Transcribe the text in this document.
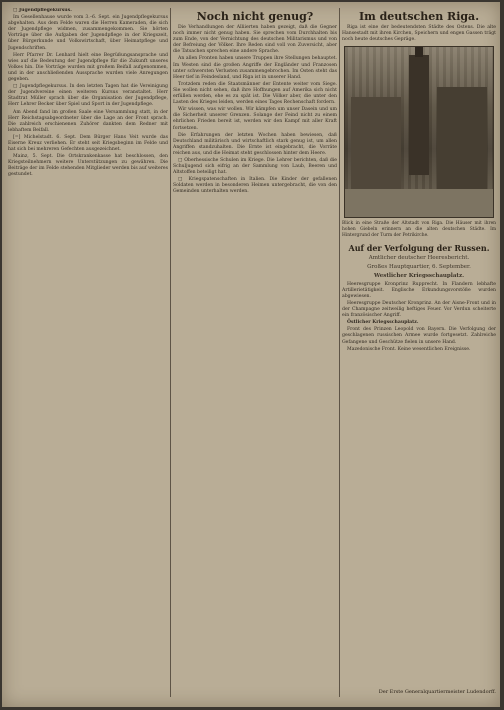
□ Jugendpflegekursus.

Im Gesellenhause wurde vom 3.–6. Sept. ein Jugendpflegekursus abgehalten. Aus dem Felde waren die Herren Kameraden, die sich der Jugendpflege widmen, zusammengekommen. Sie hörten Vorträge über die Aufgaben der Jugendpflege in der Kriegszeit, über Bürgerkunde und Volkswirtschaft, über Heimatpflege und Jugendschriften.

Herr Pfarrer Dr. Lenhard hielt eine Begrüßungsansprache und wies auf die Bedeutung der Jugendpflege für die Zukunft unseres Volkes hin. Die Vorträge wurden mit großem Beifall aufgenommen, und in der anschließenden Aussprache wurden viele Anregungen gegeben.

□ Jugendpflegekursus. In den letzten Tagen hat die Vereinigung der Jugendvereine einen weiteren Kursus veranstaltet. Herr Stadtrat Müller sprach über die Organisation der Jugendpflege, Herr Lehrer Becker über Spiel und Sport in der Jugendpflege.

Am Abend fand im großen Saale eine Versammlung statt, in der Herr Reichstagsabgeordneter über die Lage an der Front sprach. Die zahlreich erschienenen Zuhörer dankten dem Redner mit lebhaftem Beifall.

[=] Michelstadt. 6. Sept. Dem Bürger Hans Veit wurde das Eiserne Kreuz verliehen. Er steht seit Kriegsbeginn im Felde und hat sich bei mehreren Gefechten ausgezeichnet.

Mainz, 5. Sept. Die Ortskrankenkasse hat beschlossen, den Kriegsteilnehmern weitere Unterstützungen zu gewähren. Die Beiträge der im Felde stehenden Mitglieder werden bis auf weiteres gestundet.

Noch nicht genug?

Die Verhandlungen der Alliierten haben gezeigt, daß die Gegner noch immer nicht genug haben. Sie sprechen vom Durchhalten bis zum Ende, von der Vernichtung des deutschen Militarismus und von der Befreiung der Völker. Ihre Reden sind voll von Zuversicht, aber die Tatsachen sprechen eine andere Sprache.

An allen Fronten haben unsere Truppen ihre Stellungen behauptet. Im Westen sind die großen Angriffe der Engländer und Franzosen unter schwersten Verlusten zusammengebrochen. Im Osten steht das Heer tief in Feindesland, und Riga ist in unserer Hand.

Trotzdem reden die Staatsmänner der Entente weiter vom Siege. Sie wollen nicht sehen, daß ihre Hoffnungen auf Amerika sich nicht erfüllen werden, ehe es zu spät ist. Die Völker aber, die unter den Lasten des Krieges leiden, werden eines Tages Rechenschaft fordern.

Wir wissen, was wir wollen. Wir kämpfen um unser Dasein und um die Sicherheit unserer Grenzen. Solange der Feind nicht zu einem ehrlichen Frieden bereit ist, werden wir den Kampf mit aller Kraft fortsetzen.

Die Erfahrungen der letzten Wochen haben bewiesen, daß Deutschland militärisch und wirtschaftlich stark genug ist, um allen Angriffen standzuhalten. Die Ernte ist eingebracht, die Vorräte reichen aus, und die Heimat steht geschlossen hinter dem Heere.

□ Oberhessische Schulen im Kriege. Die Lehrer berichten, daß die Schuljugend sich eifrig an der Sammlung von Laub, Beeren und Altstoffen beteiligt hat.

□ Kriegspatenschaften in Italien. Die Kinder der gefallenen Soldaten werden in besonderen Heimen untergebracht, die von den Gemeinden unterhalten werden.

Im deutschen Riga.

Riga ist eine der bedeutendsten Städte des Ostens. Die alte Hansestadt mit ihren Kirchen, Speichern und engen Gassen trägt noch heute deutsches Gepräge.

Blick in eine Straße der Altstadt von Riga. Die Häuser mit ihren hohen Giebeln erinnern an die alten deutschen Städte. Im Hintergrund der Turm der Petrikirche.
Auf der Verfolgung der Russen.
Amtlicher deutscher Heeresbericht.
Großes Hauptquartier, 6. September.
Westlicher Kriegsschauplatz.

Heeresgruppe Kronprinz Rupprecht. In Flandern lebhafte Artillerietätigkeit. Englische Erkundungsvorstöße wurden abgewiesen.

Heeresgruppe Deutscher Kronprinz. An der Aisne-Front und in der Champagne zeitweilig heftiges Feuer. Vor Verdun scheiterte ein französischer Angriff.

Östlicher Kriegsschauplatz.

Front des Prinzen Leopold von Bayern. Die Verfolgung der geschlagenen russischen Armee wurde fortgesetzt. Zahlreiche Gefangene und Geschütze fielen in unsere Hand.

Mazedonische Front. Keine wesentlichen Ereignisse.

Der Erste Generalquartiermeister Ludendorff.
